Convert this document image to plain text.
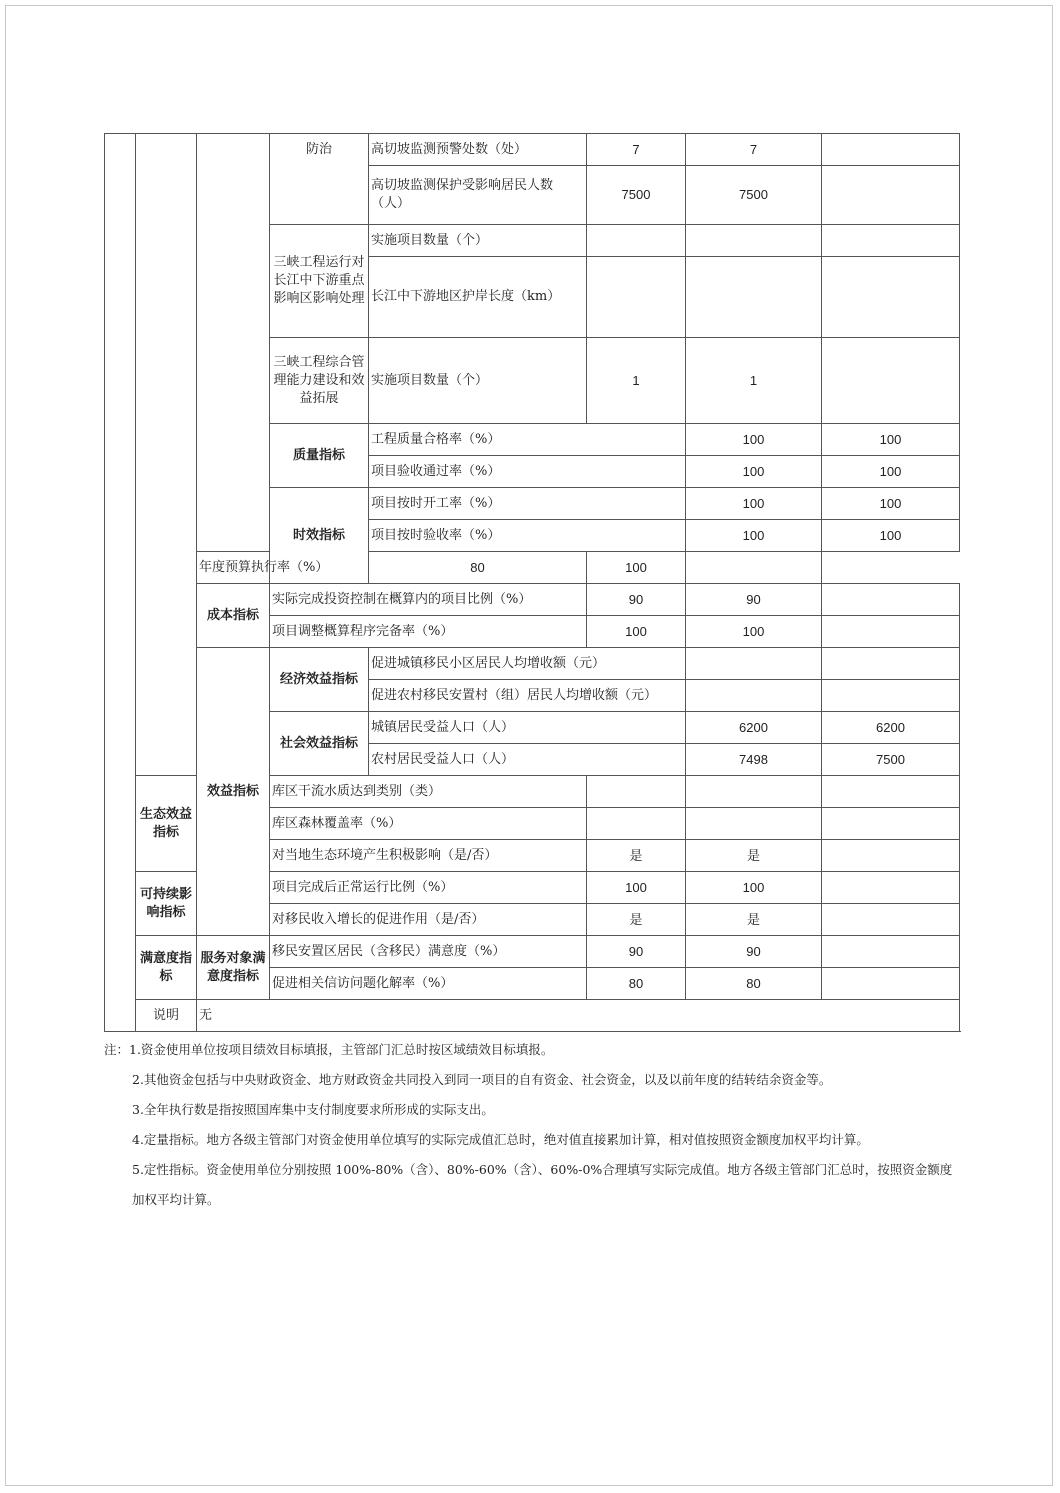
			防治	高切坡监测预警处数（处）	7	7		
				高切坡监测保护受影响居民人数（人）	7500	7500		
			三峡工程运行对长江中下游重点影响区影响处理	实施项目数量（个）				
				长江中下游地区护岸长度（km）				
			三峡工程综合管理能力建设和效益拓展	实施项目数量（个）	1	1		
			质量指标	工程质量合格率（%）		100	100	
				项目验收通过率（%）		100	100	
			时效指标	项目按时开工率（%）		100	100	
				项目按时验收率（%）		100	100	
		年度预算执行率（%）		80	100			
		成本指标	实际完成投资控制在概算内的项目比例（%）		90	90		
			项目调整概算程序完备率（%）		100	100		
		效益指标	经济效益指标	促进城镇移民小区居民人均增收额（元）				
				促进农村移民安置村（组）居民人均增收额（元）				
			社会效益指标	城镇居民受益人口（人）		6200	6200	
				农村居民受益人口（人）		7498	7500	
	生态效益指标		库区干流水质达到类别（类）					
			库区森林覆盖率（%）					
			对当地生态环境产生积极影响（是/否）		是	是		
	可持续影响指标		项目完成后正常运行比例（%）		100	100		
			对移民收入增长的促进作用（是/否）		是	是		
	满意度指标	服务对象满意度指标	移民安置区居民（含移民）满意度（%）		90	90		
			促进相关信访问题化解率（%）		80	80		
	说明	无						

注：1.资金使用单位按项目绩效目标填报，主管部门汇总时按区域绩效目标填报。

2.其他资金包括与中央财政资金、地方财政资金共同投入到同一项目的自有资金、社会资金，以及以前年度的结转结余资金等。

3.全年执行数是指按照国库集中支付制度要求所形成的实际支出。

4.定量指标。地方各级主管部门对资金使用单位填写的实际完成值汇总时，绝对值直接累加计算，相对值按照资金额度加权平均计算。

5.定性指标。资金使用单位分别按照 100%-80%（含）、80%-60%（含）、60%-0%合理填写实际完成值。地方各级主管部门汇总时，按照资金额度加权平均计算。
